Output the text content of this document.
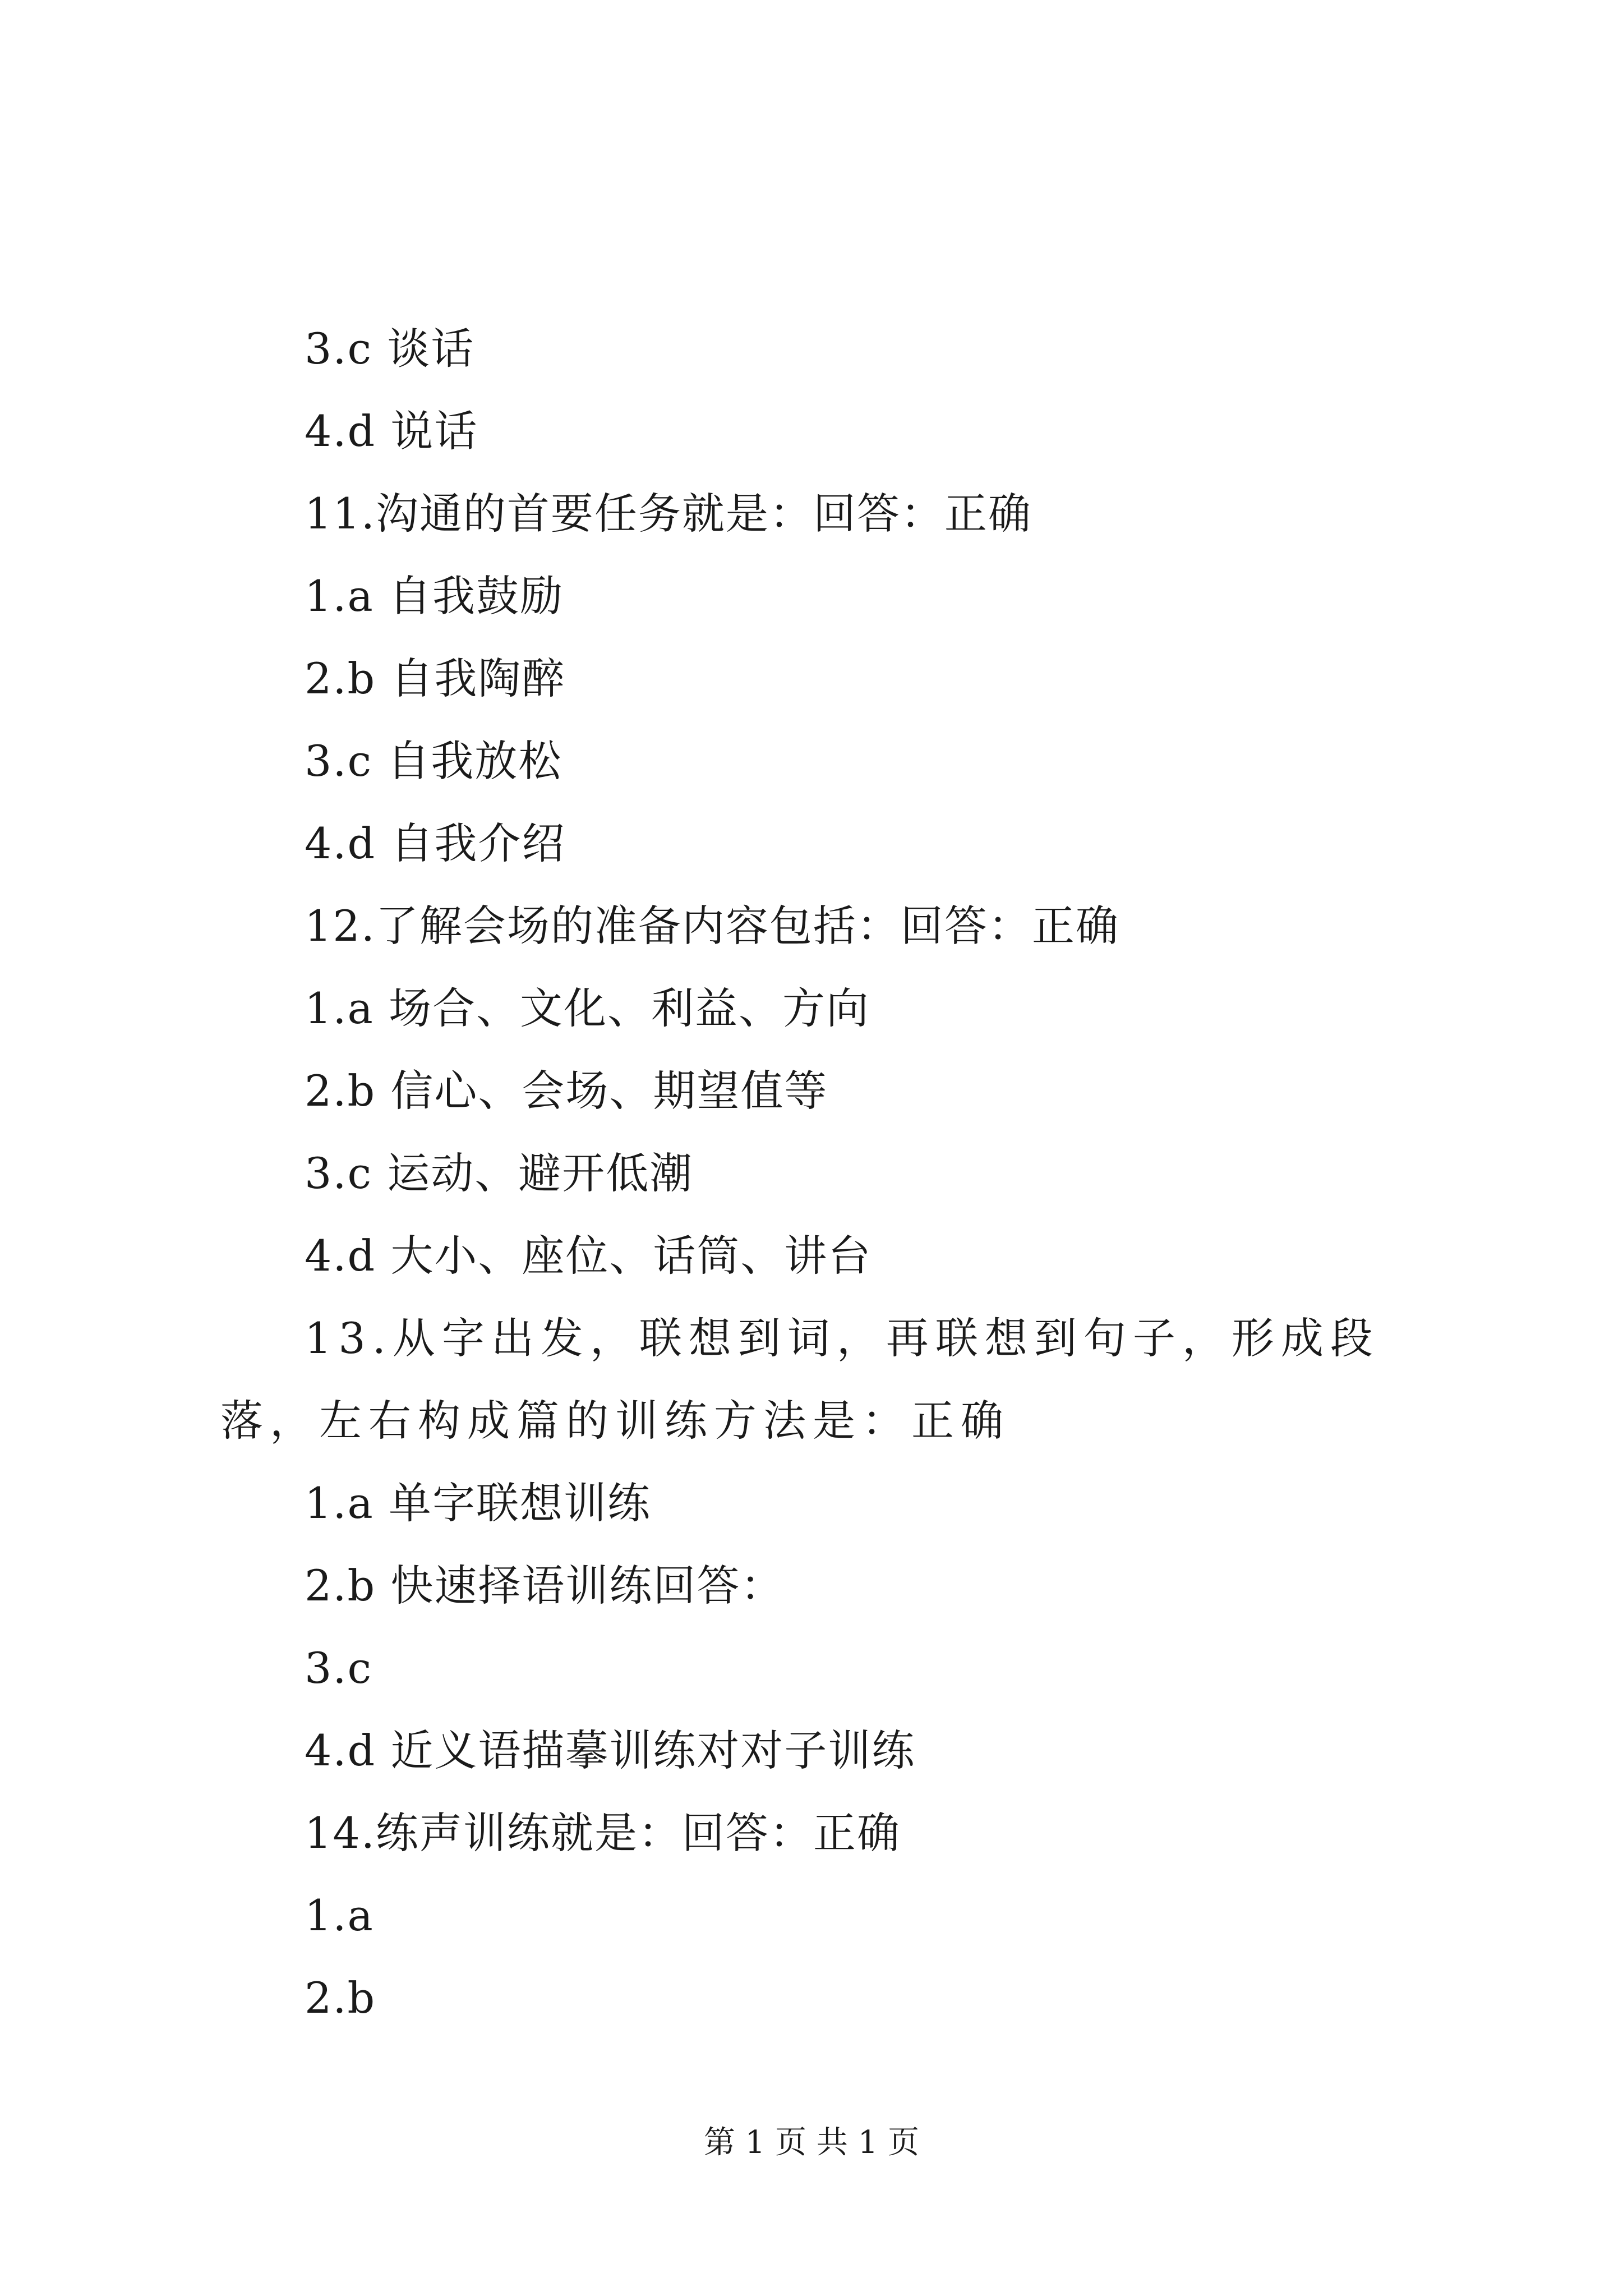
3.c 谈话
4.d 说话
11.沟通的首要任务就是：回答：正确
1.a 自我鼓励
2.b 自我陶醉
3.c 自我放松
4.d 自我介绍
12.了解会场的准备内容包括：回答：正确
1.a 场合、文化、利益、方向
2.b 信心、会场、期望值等
3.c 运动、避开低潮
4.d 大小、座位、话筒、讲台
13.从字出发，联想到词，再联想到句子，形成段落，左右构成篇的训练方法是：正确
1.a 单字联想训练
2.b 快速择语训练回答：
3.c
4.d 近义语描摹训练对对子训练
14.练声训练就是：回答：正确
1.a
2.b
第 1 页 共 1 页
